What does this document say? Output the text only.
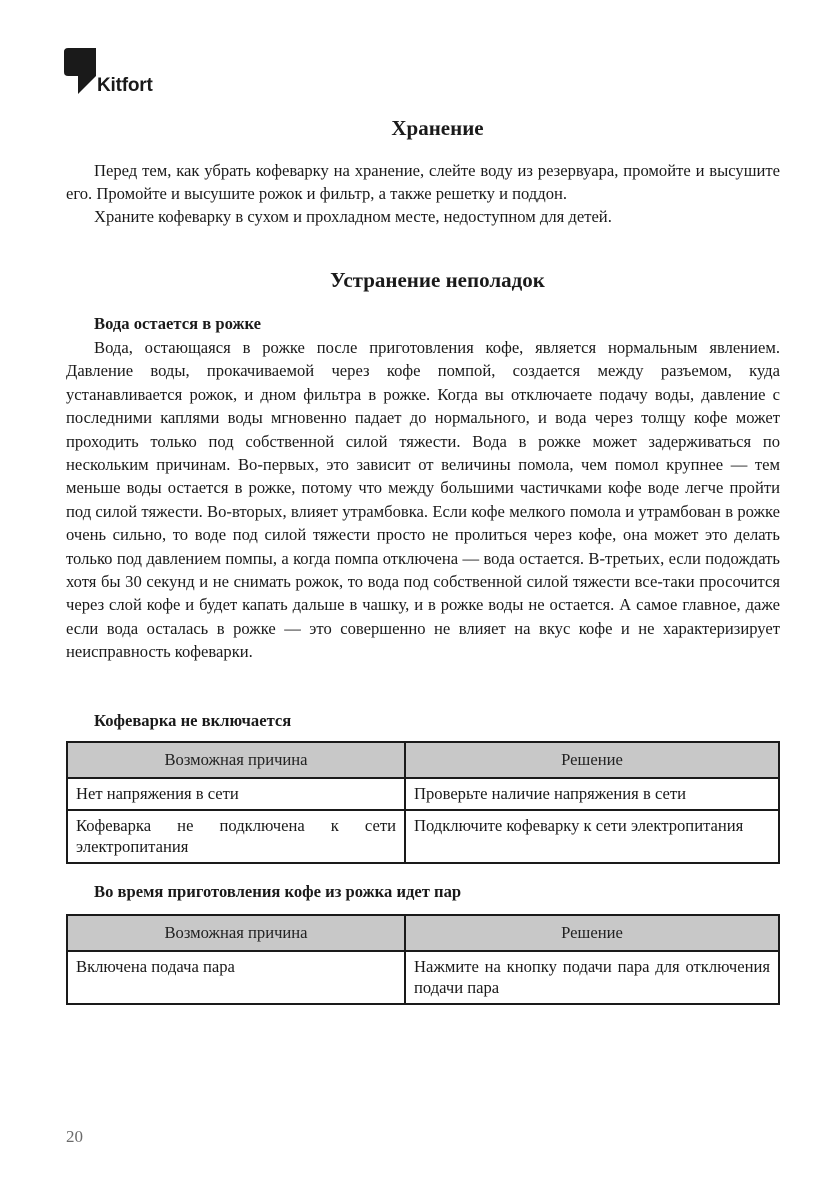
Kitfort
Хранение

Перед тем, как убрать кофеварку на хранение, слейте воду из резервуара, промойте и высушите его. Промойте и высушите рожок и фильтр, а также решетку и поддон.

Храните кофеварку в сухом и прохладном месте, недоступном для детей.

Устранение неполадок

Вода остается в рожке

Вода, остающаяся в рожке после приготовления кофе, является нормальным явлением. Давление воды, прокачиваемой через кофе помпой, создается между разъемом, куда устанавливается рожок, и дном фильтра в рожке. Когда вы отключаете подачу воды, давление с последними каплями воды мгновенно падает до нормального, и вода через толщу кофе может проходить только под собственной силой тяжести. Вода в рожке может задерживаться по нескольким причинам. Во-первых, это зависит от величины помола, чем помол крупнее — тем меньше воды остается в рожке, потому что между большими частичками кофе воде легче пройти под силой тяжести. Во-вторых, влияет утрамбовка. Если кофе мелкого помола и утрамбован в рожке очень сильно, то воде под силой тяжести просто не пролиться через кофе, она может это делать только под давлением помпы, а когда помпа отключена — вода остается. В-третьих, если подождать хотя бы 30 секунд и не снимать рожок, то вода под собственной силой тяжести все-таки просочится через слой кофе и будет капать дальше в чашку, и в рожке воды не остается. А самое главное, даже если вода осталась в рожке — это совершенно не влияет на вкус кофе и не характеризирует неисправность кофеварки.

Кофеварка не включается

Возможная причина	Решение
Нет напряжения в сети	Проверьте наличие напряжения в сети
Кофеварка не подключена к сети электропитания	Подключите кофеварку к сети электропитания

Во время приготовления кофе из рожка идет пар

Возможная причина	Решение
Включена подача пара	Нажмите на кнопку подачи пара для отключения подачи пара
20
